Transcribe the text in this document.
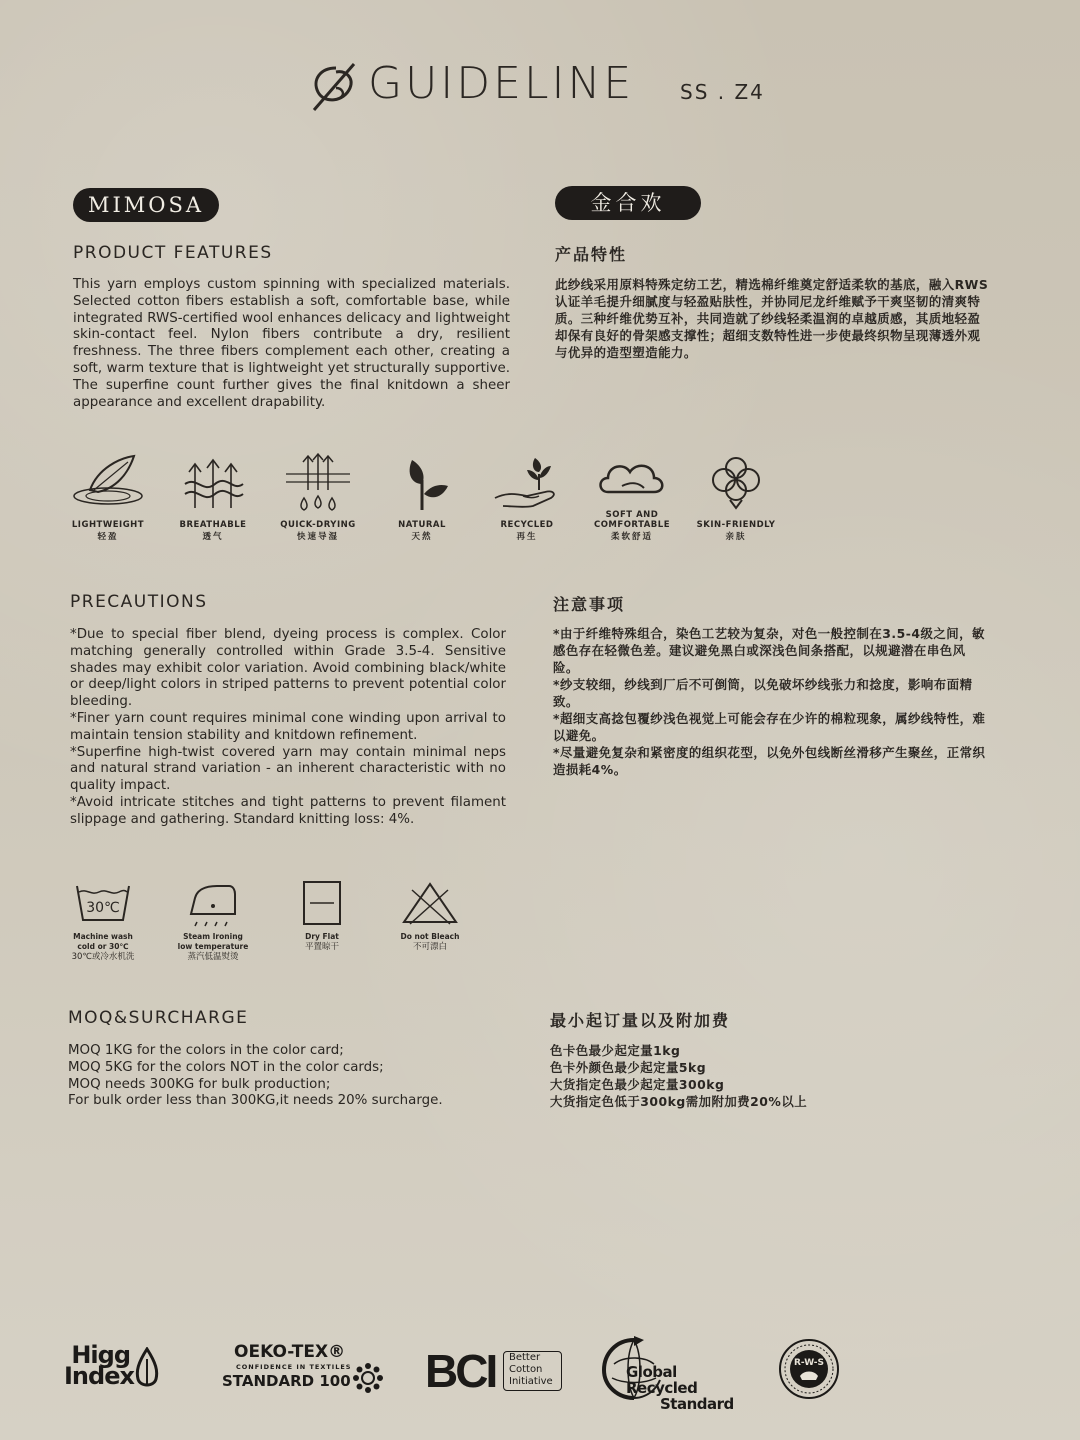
GUIDELINE SS . Z4
MIMOSA	金合欢
PRODUCT FEATURES	产品特性
This yarn employs custom spinning with specialized materials. Selected cotton fibers establish a soft, comfortable base, while integrated RWS-certified wool enhances delicacy and lightweight skin-contact feel. Nylon fibers contribute a dry, resilient freshness. The three fibers complement each other, creating a soft, warm texture that is lightweight yet structurally supportive. The superfine count further gives the final knitdown a sheer appearance and excellent drapability.
此纱线采用原料特殊定纺工艺，精选棉纤维奠定舒适柔软的基底，融入RWS认证羊毛提升细腻度与轻盈贴肤性，并协同尼龙纤维赋予干爽坚韧的清爽特质。三种纤维优势互补，共同造就了纱线轻柔温润的卓越质感，其质地轻盈却保有良好的骨架感支撑性；超细支数特性进一步使最终织物呈现薄透外观与优异的造型塑造能力。
LIGHTWEIGHT
轻盈
BREATHABLE
透气
QUICK-DRYING
快速导湿
NATURAL
天然
RECYCLED
再生
SOFT AND
COMFORTABLE
柔软舒适
SKIN-FRIENDLY
亲肤
PRECAUTIONS	注意事项
*Due to special fiber blend, dyeing process is complex. Color matching generally controlled within Grade 3.5-4. Sensitive shades may exhibit color variation. Avoid combining black/white or deep/light colors in striped patterns to prevent potential color bleeding.
*Finer yarn count requires minimal cone winding upon arrival to maintain tension stability and knitdown refinement.
*Superfine high-twist covered yarn may contain minimal neps and natural strand variation - an inherent characteristic with no quality impact.
*Avoid intricate stitches and tight patterns to prevent filament slippage and gathering. Standard knitting loss: 4%.
*由于纤维特殊组合，染色工艺较为复杂，对色一般控制在3.5-4级之间，敏感色存在轻微色差。建议避免黑白或深浅色间条搭配，以规避潜在串色风险。
*纱支较细，纱线到厂后不可倒筒，以免破坏纱线张力和捻度，影响布面精致。
*超细支高捻包覆纱浅色视觉上可能会存在少许的棉粒现象，属纱线特性，难以避免。
*尽量避免复杂和紧密度的组织花型，以免外包线断丝滑移产生聚丝，正常织造损耗4%。
30℃
Machine wash
cold or 30℃
30℃或冷水机洗
Steam Ironing
low temperature
蒸汽低温熨烫
Dry Flat
平置晾干
Do not Bleach
不可漂白
MOQ&SURCHARGE	最小起订量以及附加费
MOQ 1KG for the colors in the color card;
MOQ 5KG for the colors NOT in the color cards;
MOQ needs 300KG for bulk production;
For bulk order less than 300KG,it needs 20% surcharge.
色卡色最少起定量1kg
色卡外颜色最少起定量5kg
大货指定色最少起定量300kg
大货指定色低于300kg需加附加费20%以上
Higg
Index
OEKO-TEX®
CONFIDENCE IN TEXTILES
STANDARD 100 BCI Better
Cotton
Initiative
Global Recycled
Standard
R-W-S
